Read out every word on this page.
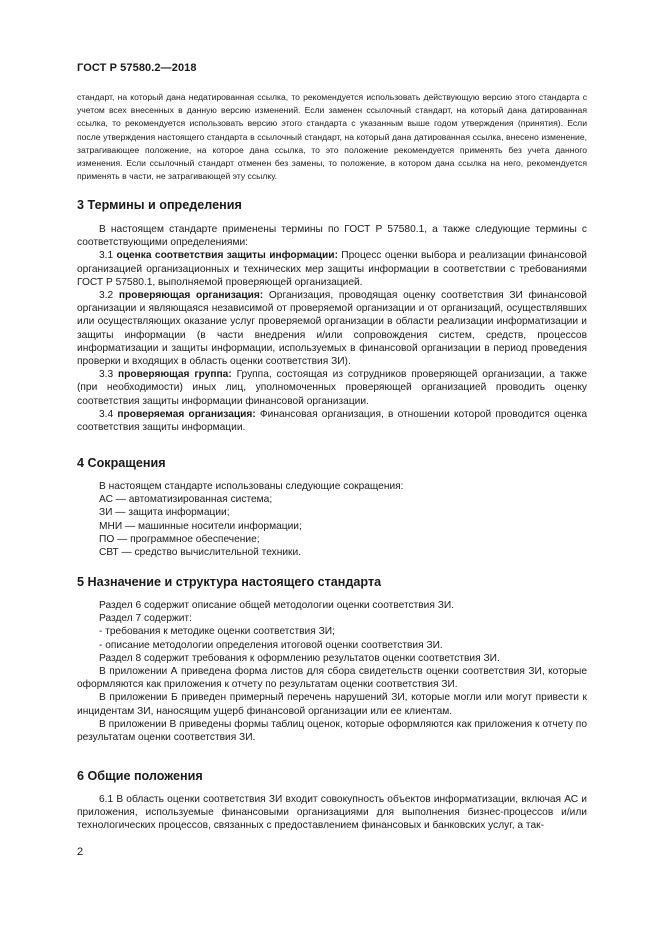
ГОСТ Р 57580.2—2018

стандарт, на который дана недатированная ссылка, то рекомендуется использовать действующую версию этого стандарта с учетом всех внесенных в данную версию изменений. Если заменен ссылочный стандарт, на который дана датированная ссылка, то рекомендуется использовать версию этого стандарта с указанным выше годом утверждения (принятия). Если после утверждения настоящего стандарта в ссылочный стандарт, на который дана датированная ссылка, внесено изменение, затрагивающее положение, на которое дана ссылка, то это положение рекомендуется применять без учета данного изменения. Если ссылочный стандарт отменен без замены, то положение, в котором дана ссылка на него, рекомендуется применять в части, не затрагивающей эту ссылку.

3 Термины и определения

В настоящем стандарте применены термины по ГОСТ Р 57580.1, а также следующие термины с соответствующими определениями:

3.1 оценка соответствия защиты информации: Процесс оценки выбора и реализации финансовой организацией организационных и технических мер защиты информации в соответствии с требованиями ГОСТ Р 57580.1, выполняемой проверяющей организацией.

3.2 проверяющая организация: Организация, проводящая оценку соответствия ЗИ финансовой организации и являющаяся независимой от проверяемой организации и от организаций, осуществлявших или осуществляющих оказание услуг проверяемой организации в области реализации информатизации и защиты информации (в части внедрения и/или сопровождения систем, средств, процессов информатизации и защиты информации, используемых в финансовой организации в период проведения проверки и входящих в область оценки соответствия ЗИ).

3.3 проверяющая группа: Группа, состоящая из сотрудников проверяющей организации, а также (при необходимости) иных лиц, уполномоченных проверяющей организацией проводить оценку соответствия защиты информации финансовой организации.

3.4 проверяемая организация: Финансовая организация, в отношении которой проводится оценка соответствия защиты информации.

4 Сокращения

В настоящем стандарте использованы следующие сокращения:

АС — автоматизированная система;

ЗИ — защита информации;

МНИ — машинные носители информации;

ПО — программное обеспечение;

СВТ — средство вычислительной техники.

5 Назначение и структура настоящего стандарта

Раздел 6 содержит описание общей методологии оценки соответствия ЗИ.

Раздел 7 содержит:

- требования к методике оценки соответствия ЗИ;

- описание методологии определения итоговой оценки соответствия ЗИ.

Раздел 8 содержит требования к оформлению результатов оценки соответствия ЗИ.

В приложении А приведена форма листов для сбора свидетельств оценки соответствия ЗИ, которые оформляются как приложения к отчету по результатам оценки соответствия ЗИ.

В приложении Б приведен примерный перечень нарушений ЗИ, которые могли или могут привести к инцидентам ЗИ, наносящим ущерб финансовой организации или ее клиентам.

В приложении В приведены формы таблиц оценок, которые оформляются как приложения к отчету по результатам оценки соответствия ЗИ.

6 Общие положения

6.1 В область оценки соответствия ЗИ входит совокупность объектов информатизации, включая АС и приложения, используемые финансовыми организациями для выполнения бизнес-процессов и/или технологических процессов, связанных с предоставлением финансовых и банковских услуг, а так-

2
